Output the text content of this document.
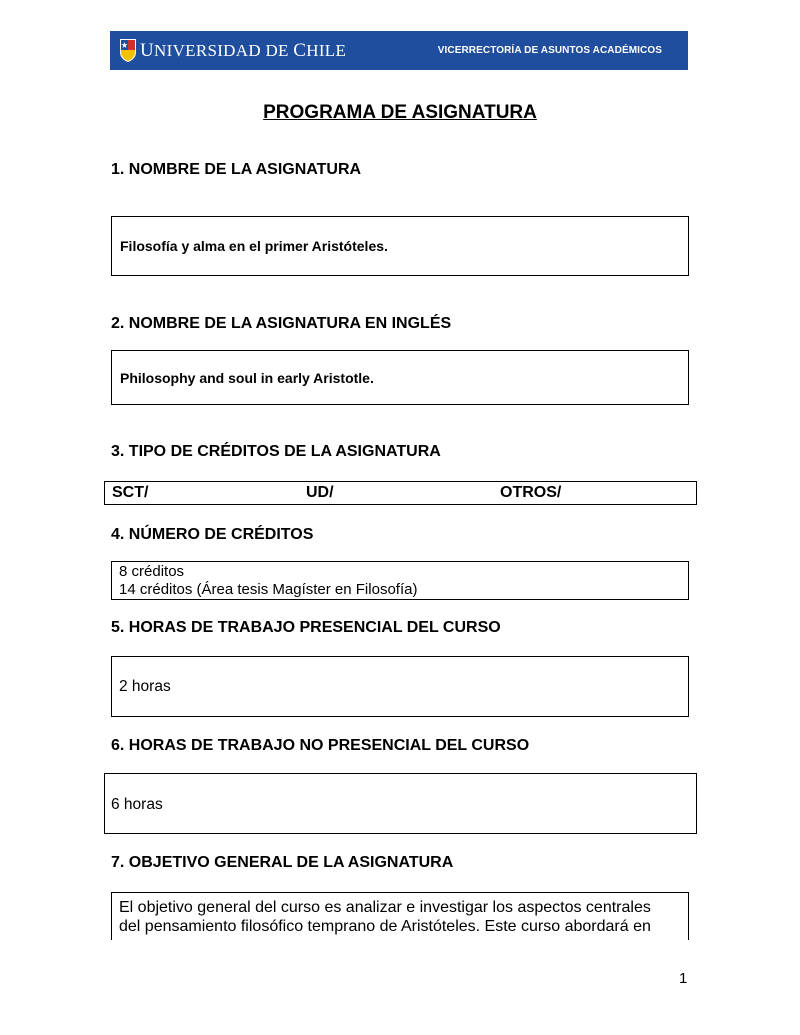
UNIVERSIDAD DE CHILE	VICERRECTORÍA DE ASUNTOS ACADÉMICOS
PROGRAMA DE ASIGNATURA
1. NOMBRE DE LA ASIGNATURA
Filosofía y alma en el primer Aristóteles.
2. NOMBRE DE LA ASIGNATURA EN INGLÉS
Philosophy and soul in early Aristotle.
3. TIPO DE CRÉDITOS DE LA ASIGNATURA
SCT/	UD/	OTROS/
4. NÚMERO DE CRÉDITOS
8 créditos
14 créditos (Área tesis Magíster en Filosofía)
5. HORAS DE TRABAJO PRESENCIAL DEL CURSO
2 horas
6. HORAS DE TRABAJO NO PRESENCIAL DEL CURSO
6 horas
7. OBJETIVO GENERAL DE LA ASIGNATURA
El objetivo general del curso es analizar e investigar los aspectos centrales
del pensamiento filosófico temprano de Aristóteles. Este curso abordará en
1
